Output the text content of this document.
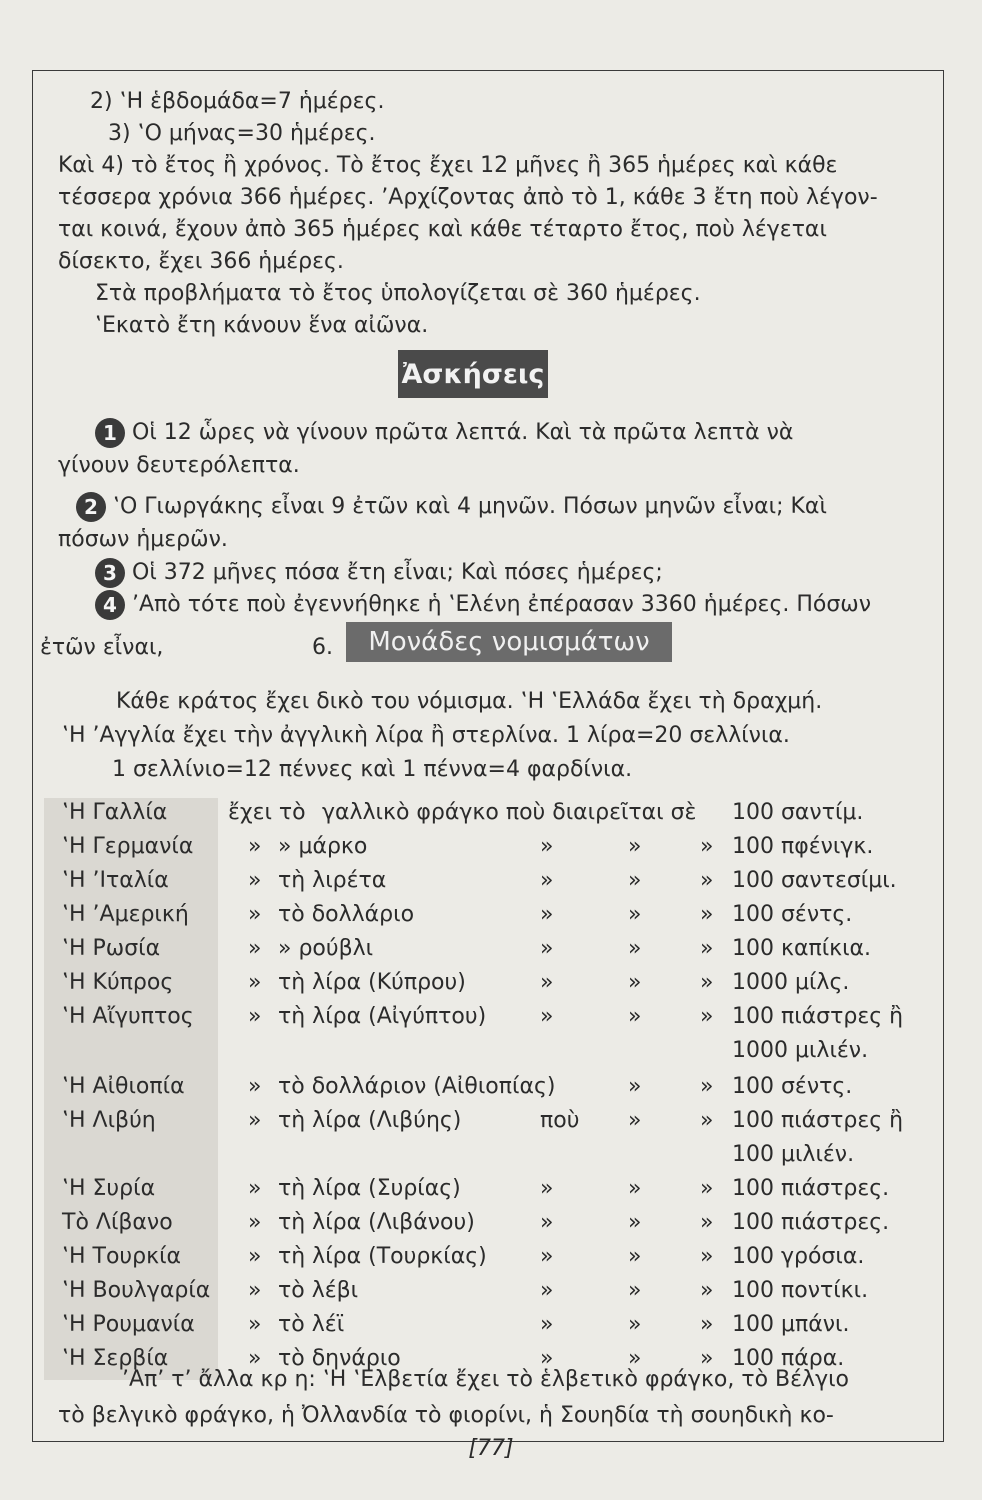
2) ‛Η ἑβδομάδα=7 ἡμέρες.
3) ‛Ο μήνας=30 ἡμέρες.
Καὶ 4) τὸ ἔτος ἢ χρόνος. Τὸ ἔτος ἔχει 12 μῆνες ἢ 365 ἡμέρες καὶ κάθε
τέσσερα χρόνια 366 ἡμέρες. ’Αρχίζοντας ἀπὸ τὸ 1, κάθε 3 ἔτη ποὺ λέγον-
ται κοινά, ἔχουν ἀπὸ 365 ἡμέρες καὶ κάθε τέταρτο ἔτος, ποὺ λέγεται
δίσεκτο, ἔχει 366 ἡμέρες.
Στὰ προβλήματα τὸ ἔτος ὑπολογίζεται σὲ 360 ἡμέρες.
‛Εκατὸ ἔτη κάνουν ἕνα αἰῶνα.
Ἀσκήσεις
1 Οἱ 12 ὧρες νὰ γίνουν πρῶτα λεπτά. Καὶ τὰ πρῶτα λεπτὰ νὰ
γίνουν δευτερόλεπτα.
2 ‛Ο Γιωργάκης εἶναι 9 ἐτῶν καὶ 4 μηνῶν. Πόσων μηνῶν εἶναι; Καὶ
πόσων ἡμερῶν.
3 Οἱ 372 μῆνες πόσα ἔτη εἶναι; Καὶ πόσες ἡμέρες;
4 ’Απὸ τότε ποὺ ἐγεννήθηκε ἡ ‛Ελένη ἐπέρασαν 3360 ἡμέρες. Πόσων
ἐτῶν εἶναι,	6.	Μονάδες νομισμάτων
Κάθε κράτος ἔχει δικὸ του νόμισμα. ‛Η ‛Ελλάδα ἔχει τὴ δραχμή.
‛Η ’Αγγλία ἔχει τὴν ἀγγλικὴ λίρα ἢ στερλίνα. 1 λίρα=20 σελλίνια.
1 σελλίνιο=12 πέννες καὶ 1 πέννα=4 φαρδίνια.
‛Η Γαλλία	ἔχει τὸ γαλλικὸ φράγκο ποὺ διαιρεῖται σὲ 100 σαντίμ.
‛Η Γερμανία » » μάρκο	»	»	» 100 πφένιγκ.
‛Η ’Ιταλία	» τὴ λιρέτα	»	»	» 100 σαντεσίμι.
‛Η ’Αμερική	» τὸ δολλάριο	»	»	» 100 σέντς.
‛Η Ρωσία	» » ρούβλι	»	»	» 100 καπίκια.
‛Η Κύπρος	» τὴ λίρα (Κύπρου)	»	»	» 1000 μίλς.
‛Η Αἴγυπτος » τὴ λίρα (Αἰγύπτου) »	»	» 100 πιάστρες ἢ
1000 μιλιέν.
‛Η Αἰθιοπία	» τὸ δολλάριον (Αἰθιοπίας)	»	» 100 σέντς.
‛Η Λιβύη	» τὴ λίρα (Λιβύης)	ποὺ »	» 100 πιάστρες ἢ
100 μιλιέν.
‛Η Συρία	» τὴ λίρα (Συρίας)	»	»	» 100 πιάστρες.
Τὸ Λίβανο	» τὴ λίρα (Λιβάνου)	»	»	» 100 πιάστρες.
‛Η Τουρκία	» τὴ λίρα (Τουρκίας) »	»	» 100 γρόσια.
‛Η Βουλγαρία » τὸ λέβι	»	»	» 100 ποντίκι.
‛Η Ρουμανία » τὸ λέϊ	»	»	» 100 μπάνι.
‛Η Σερβία	» τὸ δηνάριο	»	»	» 100 πάρα.
’Απ’ τ’ ἄλλα κρ η: ‛Η ‛Ελβετία ἔχει τὸ ἑλβετικὸ φράγκο, τὸ Βέλγιο
τὸ βελγικὸ φράγκο, ἡ Ὀλλανδία τὸ φιορίνι, ἡ Σουηδία τὴ σουηδικὴ κο-
[77]
